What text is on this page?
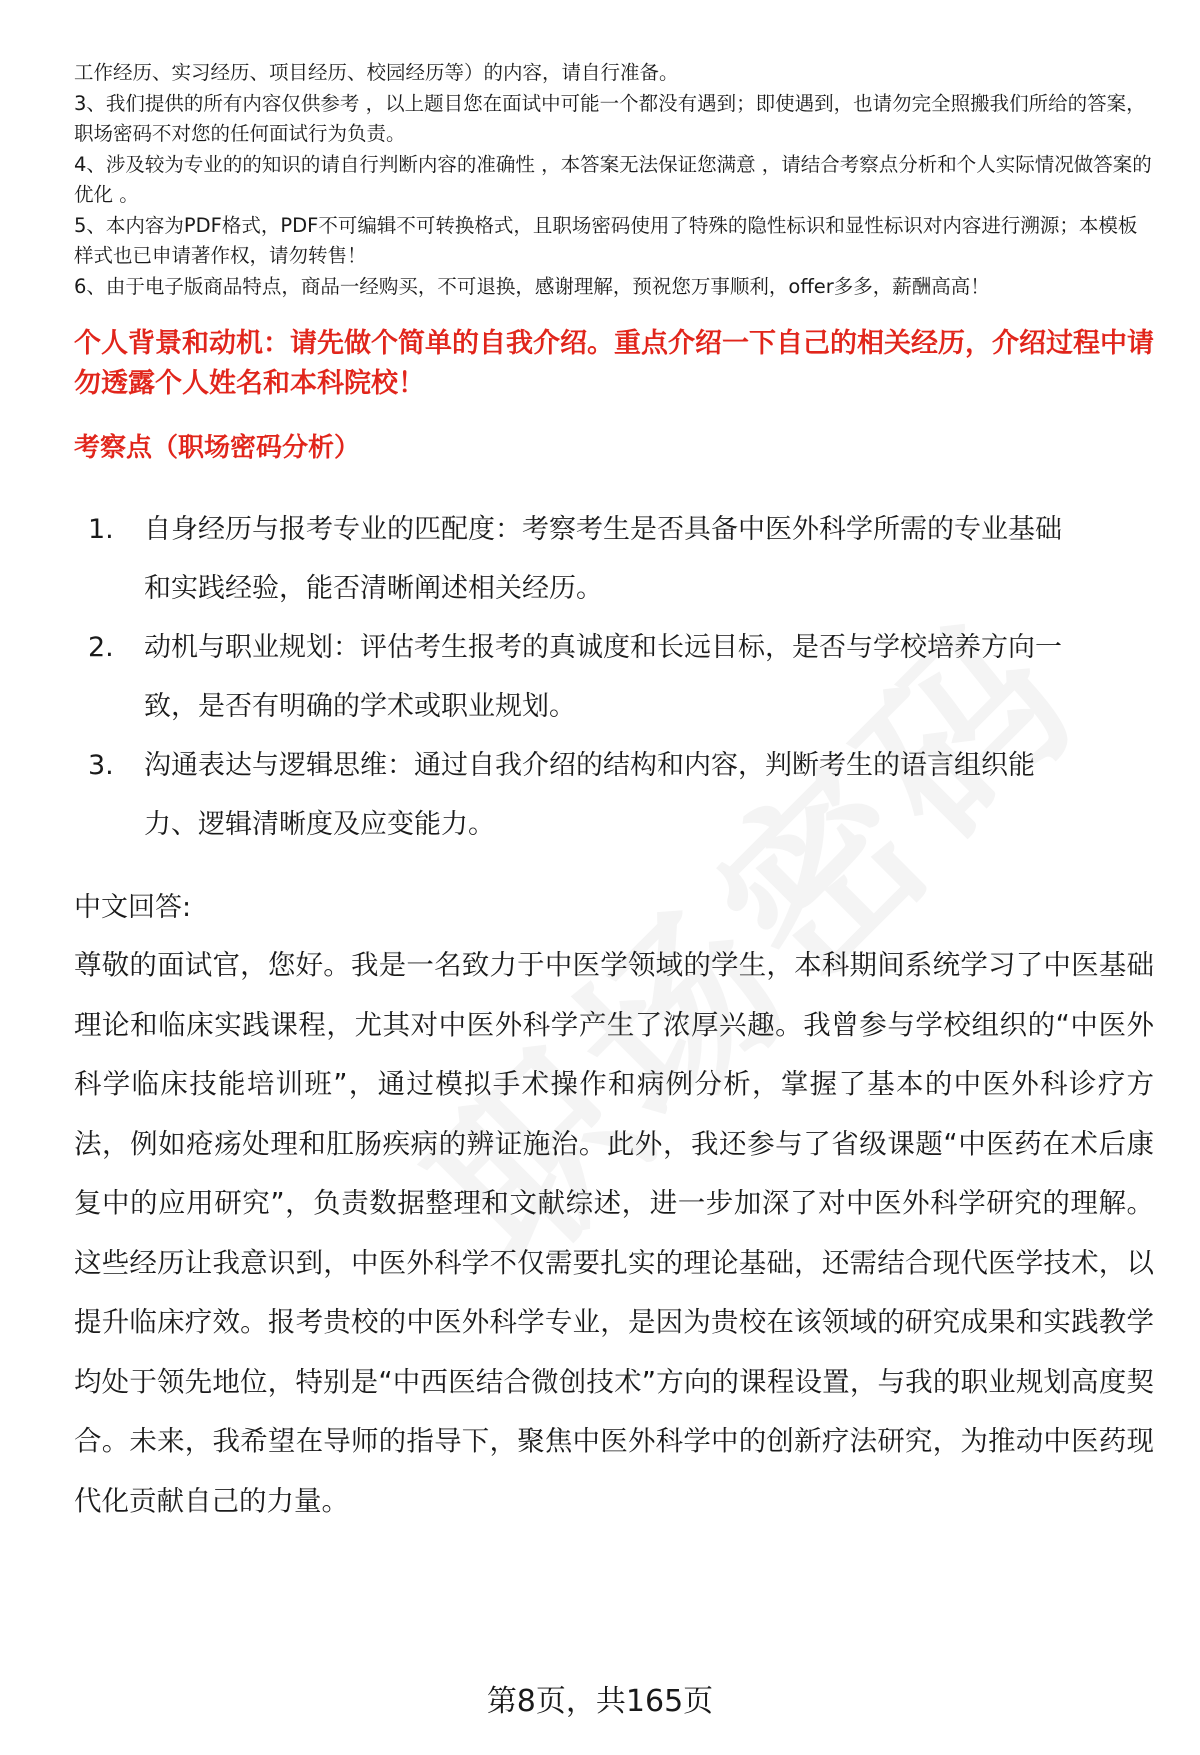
工作经历、实习经历、项目经历、校园经历等）的内容，请自行准备。

3、我们提供的所有内容仅供参考 ，以上题目您在面试中可能一个都没有遇到；即使遇到，也请勿完全照搬我们所给的答案，职场密码不对您的任何面试行为负责。

4、涉及较为专业的的知识的请自行判断内容的准确性 ，本答案无法保证您满意 ，请结合考察点分析和个人实际情况做答案的优化 。

5、本内容为PDF格式，PDF不可编辑不可转换格式，且职场密码使用了特殊的隐性标识和显性标识对内容进行溯源；本模板样式也已申请著作权，请勿转售！

6、由于电子版商品特点，商品一经购买，不可退换，感谢理解，预祝您万事顺利，offer多多，薪酬高高！

个人背景和动机：请先做个简单的自我介绍。重点介绍一下自己的相关经历，介绍过程中请勿透露个人姓名和本科院校！
考察点（职场密码分析）
1.	自身经历与报考专业的匹配度：考察考生是否具备中医外科学所需的专业基础和实践经验，能否清晰阐述相关经历。
2.	动机与职业规划：评估考生报考的真诚度和长远目标，是否与学校培养方向一致，是否有明确的学术或职业规划。
3.	沟通表达与逻辑思维：通过自我介绍的结构和内容，判断考生的语言组织能力、逻辑清晰度及应变能力。
中文回答:
尊敬的面试官，您好。我是一名致力于中医学领域的学生，本科期间系统学习了中医基础理论和临床实践课程，尤其对中医外科学产生了浓厚兴趣。我曾参与学校组织的“中医外科学临床技能培训班”，通过模拟手术操作和病例分析，掌握了基本的中医外科诊疗方法，例如疮疡处理和肛肠疾病的辨证施治。此外，我还参与了省级课题“中医药在术后康复中的应用研究”，负责数据整理和文献综述，进一步加深了对中医外科学研究的理解。这些经历让我意识到，中医外科学不仅需要扎实的理论基础，还需结合现代医学技术，以提升临床疗效。报考贵校的中医外科学专业，是因为贵校在该领域的研究成果和实践教学均处于领先地位，特别是“中西医结合微创技术”方向的课程设置，与我的职业规划高度契合。未来，我希望在导师的指导下，聚焦中医外科学中的创新疗法研究，为推动中医药现代化贡献自己的力量。
第8页，共165页
